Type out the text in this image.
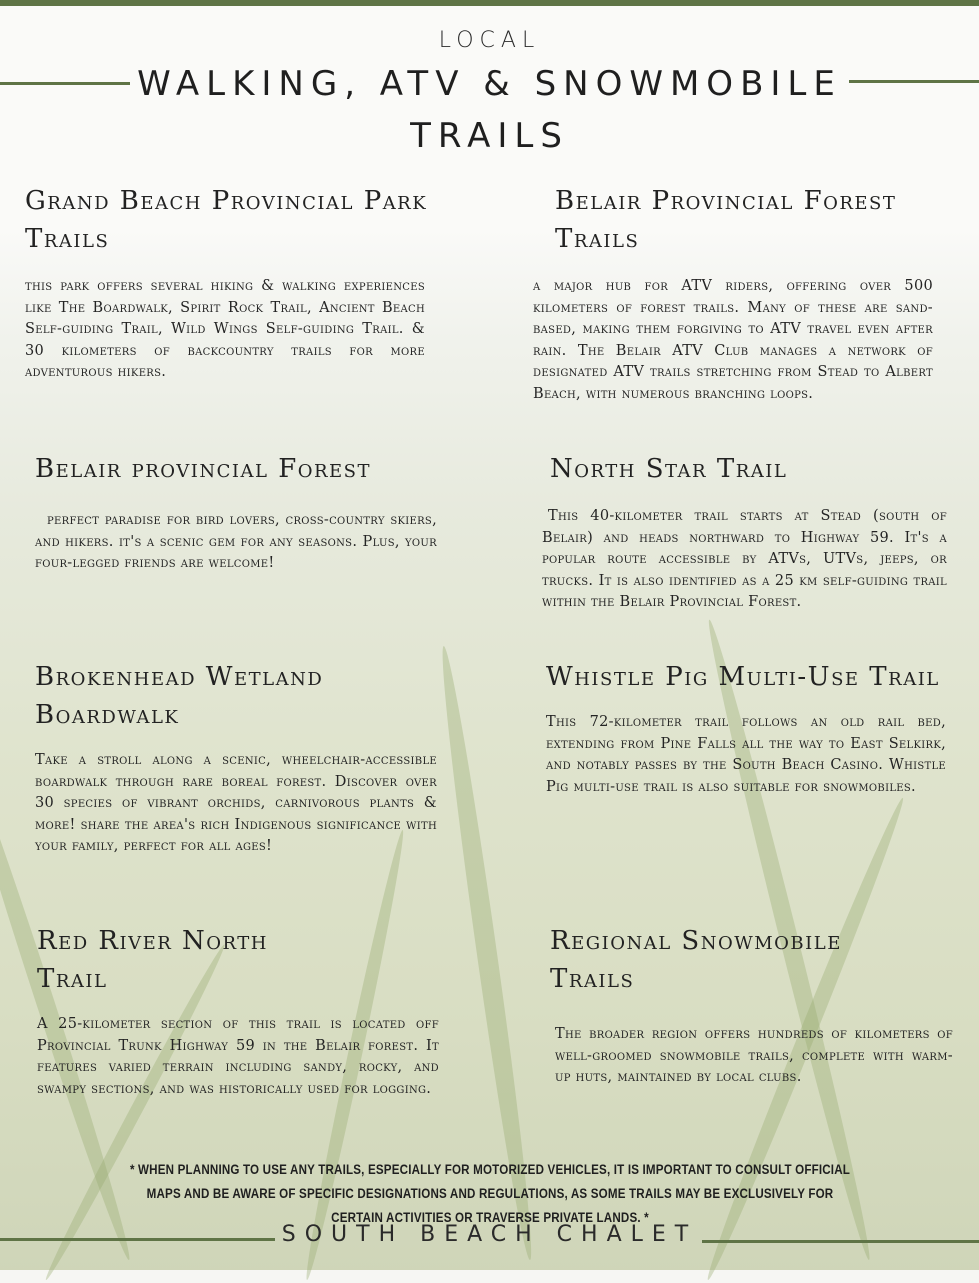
LOCAL
WALKING, ATV & SNOWMOBILE
TRAILS
Grand Beach Provincial Park Trails

this park offers several hiking & walking experiences like The Boardwalk, Spirit Rock Trail, Ancient Beach Self-guiding Trail, Wild Wings Self-guiding Trail. & 30 kilometers of backcountry trails for more adventurous hikers.

Belair Provincial Forest Trails

a major hub for ATV riders, offering over 500 kilometers of forest trails. Many of these are sand-based, making them forgiving to ATV travel even after rain. The Belair ATV Club manages a network of designated ATV trails stretching from Stead to Albert Beach, with numerous branching loops.

Belair provincial Forest

perfect paradise for bird lovers, cross-country skiers, and hikers. it's a scenic gem for any seasons. Plus, your four-legged friends are welcome!

North Star Trail

This 40-kilometer trail starts at Stead (south of Belair) and heads northward to Highway 59. It's a popular route accessible by ATVs, UTVs, jeeps, or trucks. It is also identified as a 25 km self-guiding trail within the Belair Provincial Forest.

Brokenhead Wetland Boardwalk

Take a stroll along a scenic, wheelchair-accessible boardwalk through rare boreal forest. Discover over 30 species of vibrant orchids, carnivorous plants & more! share the area's rich Indigenous significance with your family, perfect for all ages!

Whistle Pig Multi-Use Trail

This 72-kilometer trail follows an old rail bed, extending from Pine Falls all the way to East Selkirk, and notably passes by the South Beach Casino. Whistle Pig multi-use trail is also suitable for snowmobiles.

Red River North Trail

A 25-kilometer section of this trail is located off Provincial Trunk Highway 59 in the Belair forest. It features varied terrain including sandy, rocky, and swampy sections, and was historically used for logging.

Regional Snowmobile Trails

The broader region offers hundreds of kilometers of well-groomed snowmobile trails, complete with warm-up huts, maintained by local clubs.

* WHEN PLANNING TO USE ANY TRAILS, ESPECIALLY FOR MOTORIZED VEHICLES, IT IS IMPORTANT TO CONSULT OFFICIAL MAPS AND BE AWARE OF SPECIFIC DESIGNATIONS AND REGULATIONS, AS SOME TRAILS MAY BE EXCLUSIVELY FOR CERTAIN ACTIVITIES OR TRAVERSE PRIVATE LANDS. *
SOUTH BEACH CHALET
